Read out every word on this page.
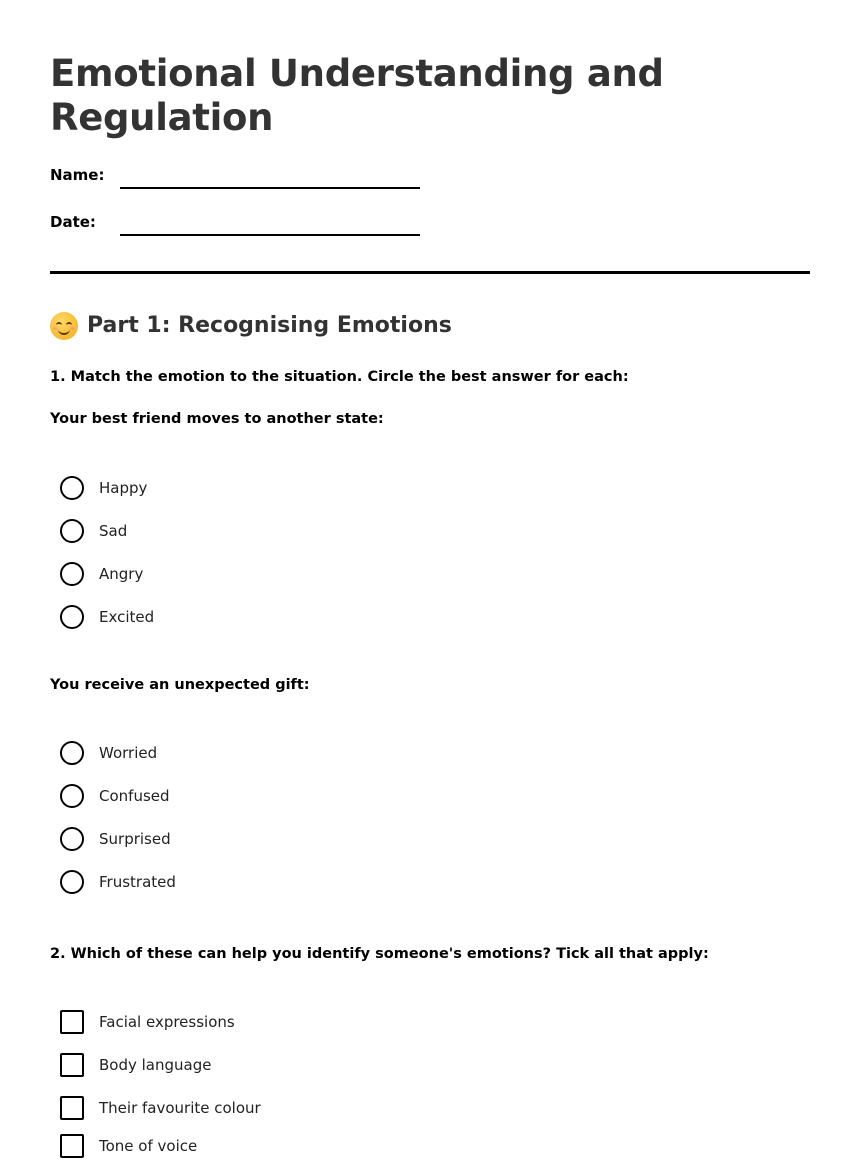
Emotional Understanding and Regulation
Name:
Date:
Part 1: Recognising Emotions
1. Match the emotion to the situation. Circle the best answer for each:
Your best friend moves to another state:
Happy
Sad
Angry
Excited
You receive an unexpected gift:
Worried
Confused
Surprised
Frustrated
2. Which of these can help you identify someone's emotions? Tick all that apply:
Facial expressions
Body language
Their favourite colour
Tone of voice
